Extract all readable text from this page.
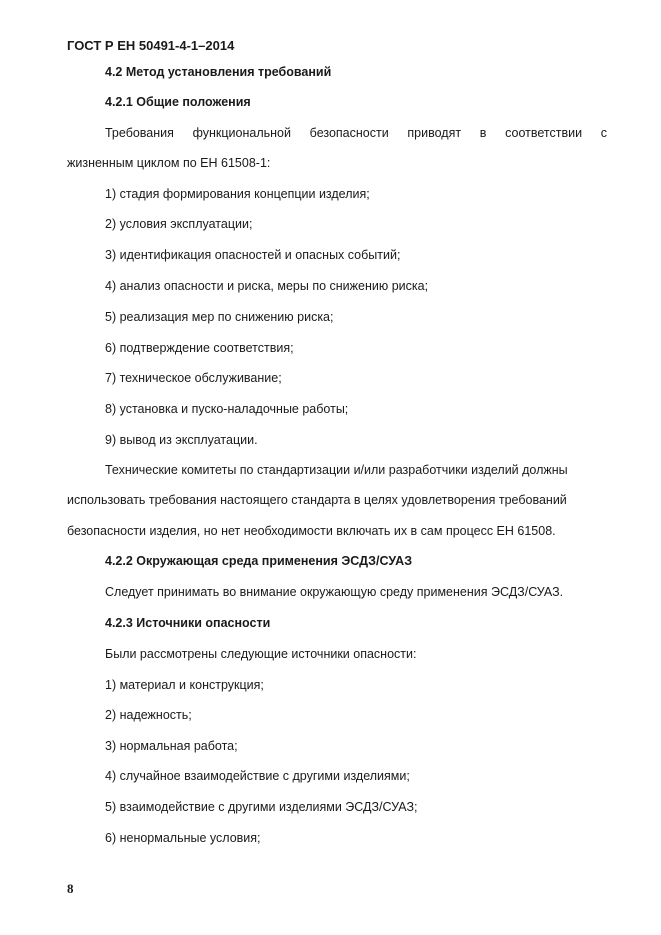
ГОСТ Р ЕН 50491-4-1–2014
4.2 Метод установления требований
4.2.1 Общие положения
Требования функциональной безопасности приводят в соответствии с
жизненным циклом по ЕН 61508-1:
1) стадия формирования концепции изделия;
2) условия эксплуатации;
3) идентификация опасностей и опасных событий;
4) анализ опасности и риска, меры по снижению риска;
5) реализация мер по снижению риска;
6) подтверждение соответствия;
7) техническое обслуживание;
8) установка и пуско-наладочные работы;
9) вывод из эксплуатации.
Технические комитеты по стандартизации и/или разработчики изделий должны
использовать требования настоящего стандарта в целях удовлетворения требований
безопасности изделия, но нет необходимости включать их в сам процесс ЕН 61508.
4.2.2 Окружающая среда применения ЭСДЗ/СУАЗ
Следует принимать во внимание окружающую среду применения ЭСДЗ/СУАЗ.
4.2.3 Источники опасности
Были рассмотрены следующие источники опасности:
1) материал и конструкция;
2) надежность;
3) нормальная работа;
4) случайное взаимодействие с другими изделиями;
5) взаимодействие с другими изделиями ЭСДЗ/СУАЗ;
6) ненормальные условия;
8
